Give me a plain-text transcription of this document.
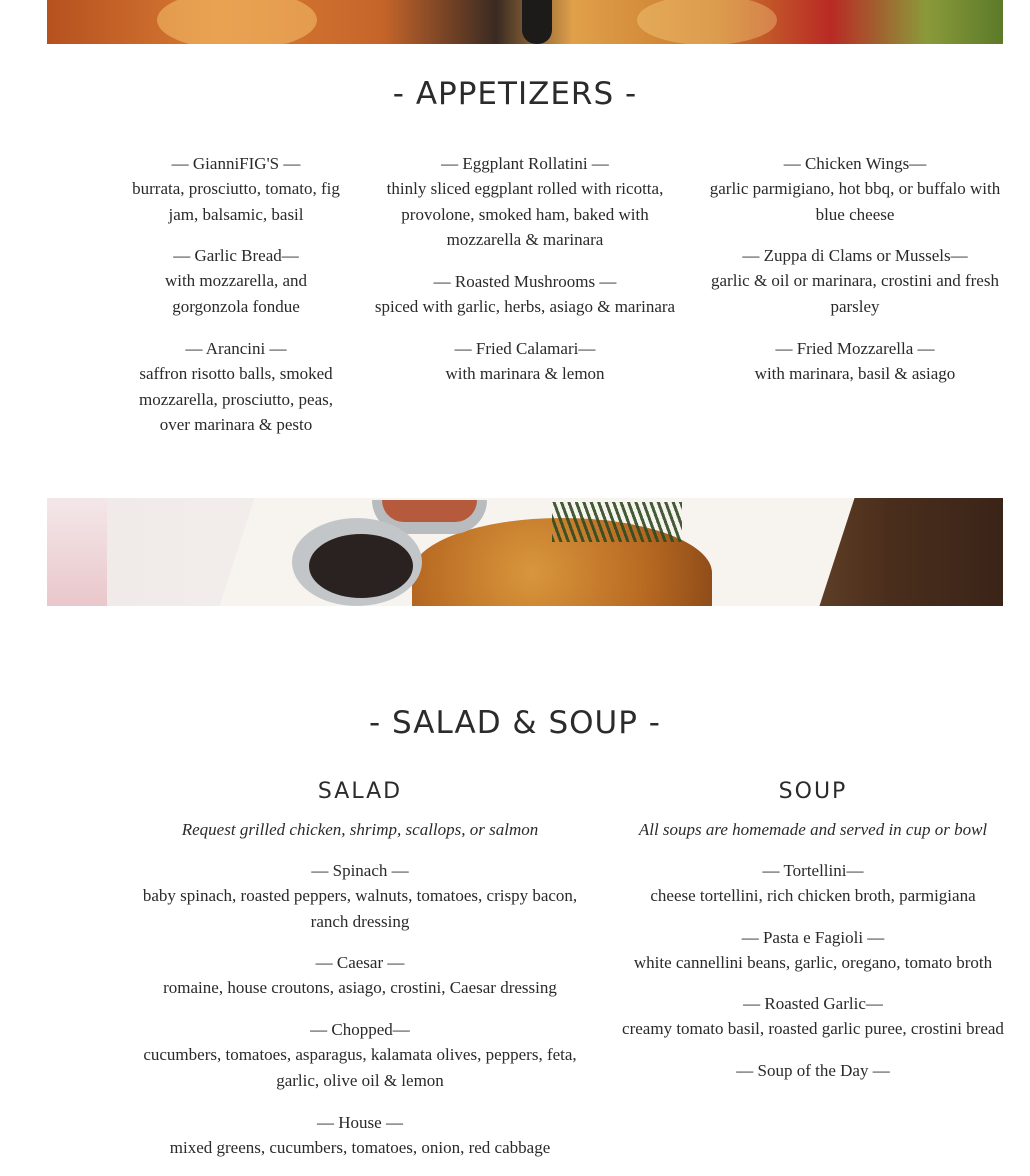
- APPETIZERS -
— GianniFIG'S —
burrata, prosciutto, tomato, fig jam, balsamic, basil
— Garlic Bread—
with mozzarella, and gorgonzola fondue
— Arancini —
saffron risotto balls, smoked mozzarella, prosciutto, peas, over marinara & pesto
— Eggplant Rollatini —
thinly sliced eggplant rolled with ricotta, provolone, smoked ham, baked with mozzarella & marinara
— Roasted Mushrooms —
spiced with garlic, herbs, asiago & marinara
— Fried Calamari—
with marinara & lemon
— Chicken Wings—
garlic parmigiano, hot bbq, or buffalo with blue cheese
— Zuppa di Clams or Mussels—
garlic & oil or marinara, crostini and fresh parsley
— Fried Mozzarella —
with marinara, basil & asiago
- SALAD & SOUP -
SALAD
Request grilled chicken, shrimp, scallops, or salmon
— Spinach —
baby spinach, roasted peppers, walnuts, tomatoes, crispy bacon, ranch dressing
— Caesar —
romaine, house croutons, asiago, crostini, Caesar dressing
— Chopped—
cucumbers, tomatoes, asparagus, kalamata olives, peppers, feta, garlic, olive oil & lemon
— House —
mixed greens, cucumbers, tomatoes, onion, red cabbage
SOUP
All soups are homemade and served in cup or bowl
— Tortellini—
cheese tortellini, rich chicken broth, parmigiana
— Pasta e Fagioli —
white cannellini beans, garlic, oregano, tomato broth
— Roasted Garlic—
creamy tomato basil, roasted garlic puree, crostini bread
— Soup of the Day —
